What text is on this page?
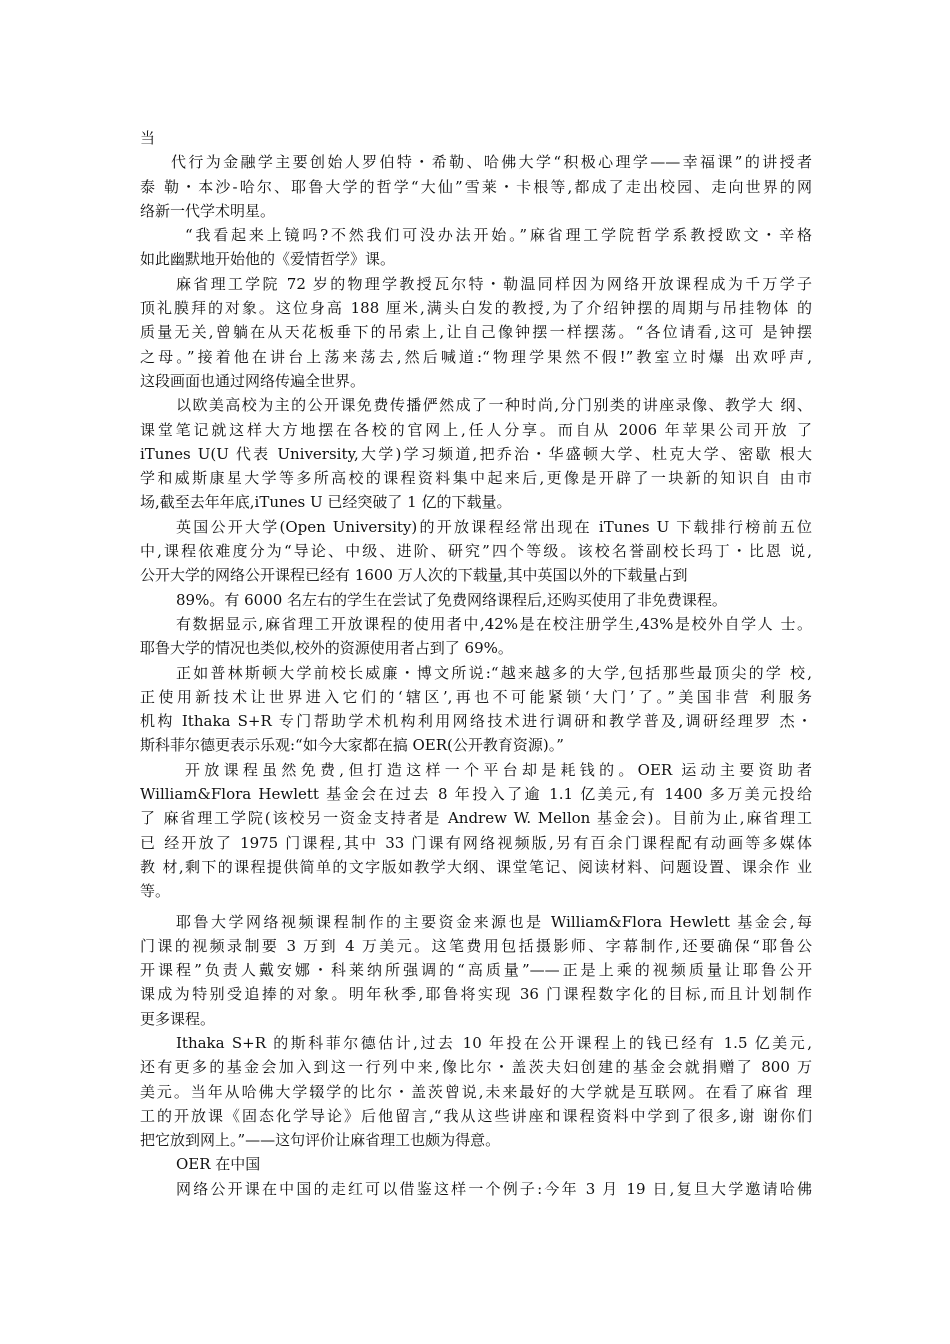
当
代行为金融学主要创始人罗伯特・希勒、哈佛大学“积极心理学——幸福课”的讲授者
泰 勒・本沙-哈尔、耶鲁大学的哲学“大仙”雪莱・卡根等,都成了走出校园、走向世界的网
络新一代学术明星。
“我看起来上镜吗?不然我们可没办法开始。”麻省理工学院哲学系教授欧文・辛格
如此幽默地开始他的《爱情哲学》课。
麻省理工学院 72 岁的物理学教授瓦尔特・勒温同样因为网络开放课程成为千万学子
顶礼膜拜的对象。这位身高 188 厘米,满头白发的教授,为了介绍钟摆的周期与吊挂物体 的
质量无关,曾躺在从天花板垂下的吊索上,让自己像钟摆一样摆荡。“各位请看,这可 是钟摆
之母。”接着他在讲台上荡来荡去,然后喊道:“物理学果然不假!”教室立时爆 出欢呼声,
这段画面也通过网络传遍全世界。
以欧美高校为主的公开课免费传播俨然成了一种时尚,分门别类的讲座录像、教学大 纲、
课堂笔记就这样大方地摆在各校的官网上,任人分享。而自从 2006 年苹果公司开放 了
iTunes U(U 代表 University,大学)学习频道,把乔治・华盛顿大学、杜克大学、密歇 根大
学和威斯康星大学等多所高校的课程资料集中起来后,更像是开辟了一块新的知识自 由市
场,截至去年年底,iTunes U 已经突破了 1 亿的下载量。
英国公开大学(Open University)的开放课程经常出现在 iTunes U 下载排行榜前五位
中,课程依难度分为“导论、中级、进阶、研究”四个等级。该校名誉副校长玛丁・比恩 说,
公开大学的网络公开课程已经有 1600 万人次的下载量,其中英国以外的下载量占到
89%。有 6000 名左右的学生在尝试了免费网络课程后,还购买使用了非免费课程。
有数据显示,麻省理工开放课程的使用者中,42%是在校注册学生,43%是校外自学人 士。
耶鲁大学的情况也类似,校外的资源使用者占到了 69%。
正如普林斯顿大学前校长威廉・博文所说:“越来越多的大学,包括那些最顶尖的学 校,
正使用新技术让世界进入它们的‘辖区’,再也不可能紧锁‘大门’了。”美国非营 利服务
机构 Ithaka S+R 专门帮助学术机构利用网络技术进行调研和教学普及,调研经理罗 杰・
斯科菲尔德更表示乐观:“如今大家都在搞 OER(公开教育资源)。”
开放课程虽然免费,但打造这样一个平台却是耗钱的。OER 运动主要资助者
William&Flora Hewlett 基金会在过去 8 年投入了逾 1.1 亿美元,有 1400 多万美元投给
了 麻省理工学院(该校另一资金支持者是 Andrew W. Mellon 基金会)。目前为止,麻省理工
已 经开放了 1975 门课程,其中 33 门课有网络视频版,另有百余门课程配有动画等多媒体
教 材,剩下的课程提供简单的文字版如教学大纲、课堂笔记、阅读材料、问题设置、课余作 业
等。
耶鲁大学网络视频课程制作的主要资金来源也是 William&Flora Hewlett 基金会,每
门课的视频录制要 3 万到 4 万美元。这笔费用包括摄影师、字幕制作,还要确保“耶鲁公
开课程”负责人戴安娜・科莱纳所强调的“高质量”——正是上乘的视频质量让耶鲁公开
课成为特别受追捧的对象。明年秋季,耶鲁将实现 36 门课程数字化的目标,而且计划制作
更多课程。
Ithaka S+R 的斯科菲尔德估计,过去 10 年投在公开课程上的钱已经有 1.5 亿美元,
还有更多的基金会加入到这一行列中来,像比尔・盖茨夫妇创建的基金会就捐赠了 800 万
美元。当年从哈佛大学辍学的比尔・盖茨曾说,未来最好的大学就是互联网。在看了麻省 理
工的开放课《固态化学导论》后他留言,“我从这些讲座和课程资料中学到了很多,谢 谢你们
把它放到网上。”——这句评价让麻省理工也颇为得意。
OER 在中国
网络公开课在中国的走红可以借鉴这样一个例子:今年 3 月 19 日,复旦大学邀请哈佛
